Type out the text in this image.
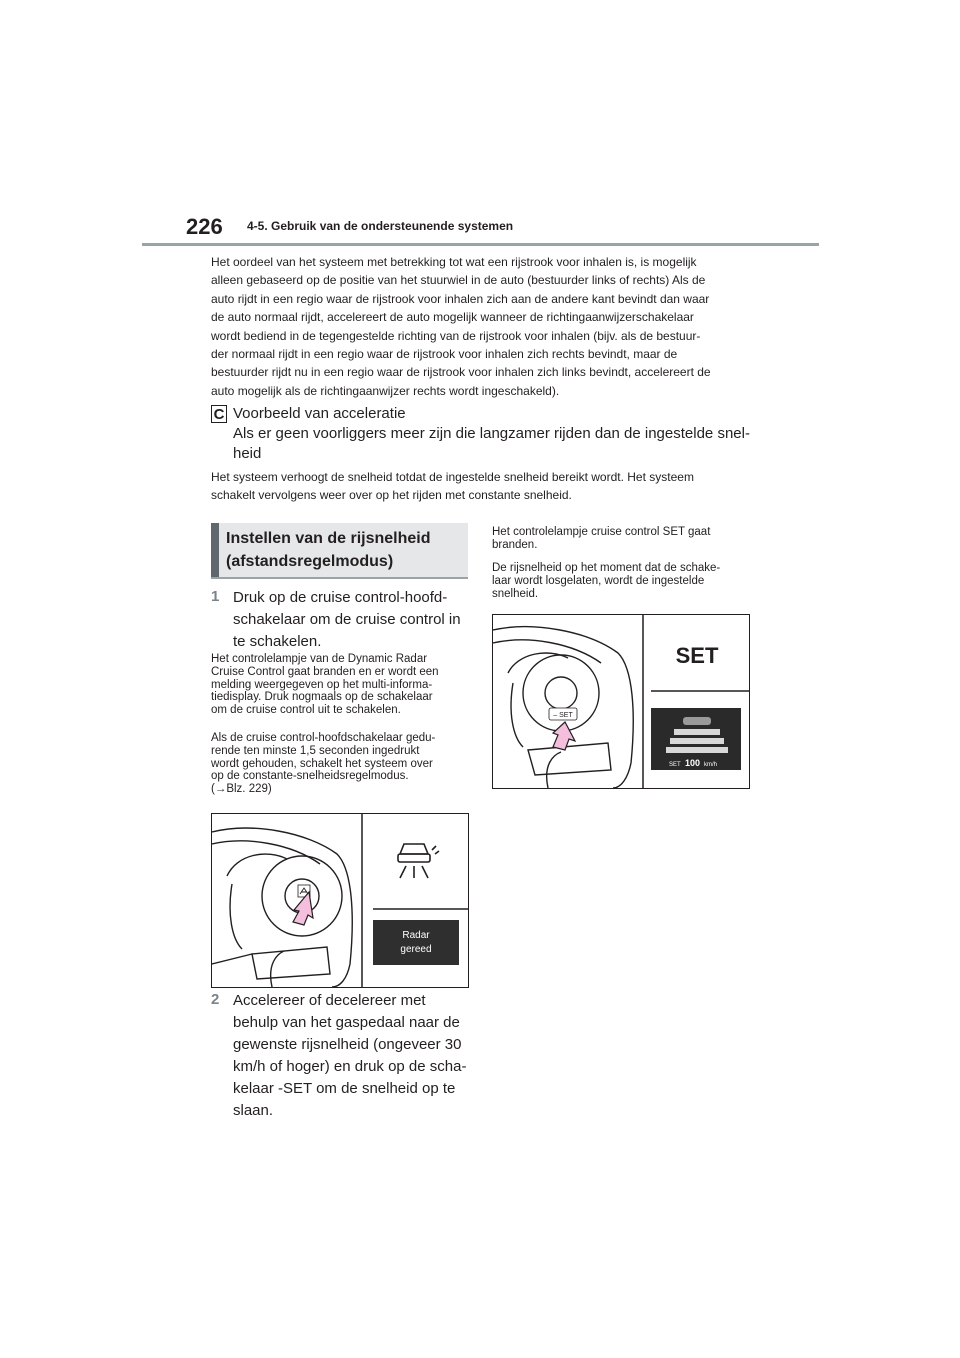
226 4-5. Gebruik van de ondersteunende systemen
Het oordeel van het systeem met betrekking tot wat een rijstrook voor inhalen is, is mogelijk
alleen gebaseerd op de positie van het stuurwiel in de auto (bestuurder links of rechts) Als de
auto rijdt in een regio waar de rijstrook voor inhalen zich aan de andere kant bevindt dan waar
de auto normaal rijdt, accelereert de auto mogelijk wanneer de richtingaanwijzerschakelaar
wordt bediend in de tegengestelde richting van de rijstrook voor inhalen (bijv. als de bestuur-
der normaal rijdt in een regio waar de rijstrook voor inhalen zich rechts bevindt, maar de
bestuurder rijdt nu in een regio waar de rijstrook voor inhalen zich links bevindt, accelereert de
auto mogelijk als de richtingaanwijzer rechts wordt ingeschakeld).
C Voorbeeld van acceleratie
Als er geen voorliggers meer zijn die langzamer rijden dan de ingestelde snel-
heid
Het systeem verhoogt de snelheid totdat de ingestelde snelheid bereikt wordt. Het systeem
schakelt vervolgens weer over op het rijden met constante snelheid.
Instellen van de rijsnelheid
(afstandsregelmodus)
1 Druk op de cruise control-hoofd-
schakelaar om de cruise control in
te schakelen.
Het controlelampje van de Dynamic Radar
Cruise Control gaat branden en er wordt een
melding weergegeven op het multi-informa-
tiedisplay. Druk nogmaals op de schakelaar
om de cruise control uit te schakelen.
Als de cruise control-hoofdschakelaar gedu-
rende ten minste 1,5 seconden ingedrukt
wordt gehouden, schakelt het systeem over
op de constante-snelheidsregelmodus.
(→Blz. 229)
Radar
gereed
2 Accelereer of decelereer met
behulp van het gaspedaal naar de
gewenste rijsnelheid (ongeveer 30
km/h of hoger) en druk op de scha-
kelaar -SET om de snelheid op te
slaan.
Het controlelampje cruise control SET gaat
branden.
De rijsnelheid op het moment dat de schake-
laar wordt losgelaten, wordt de ingestelde
snelheid.
– SET
SET
SET 100 km/h
